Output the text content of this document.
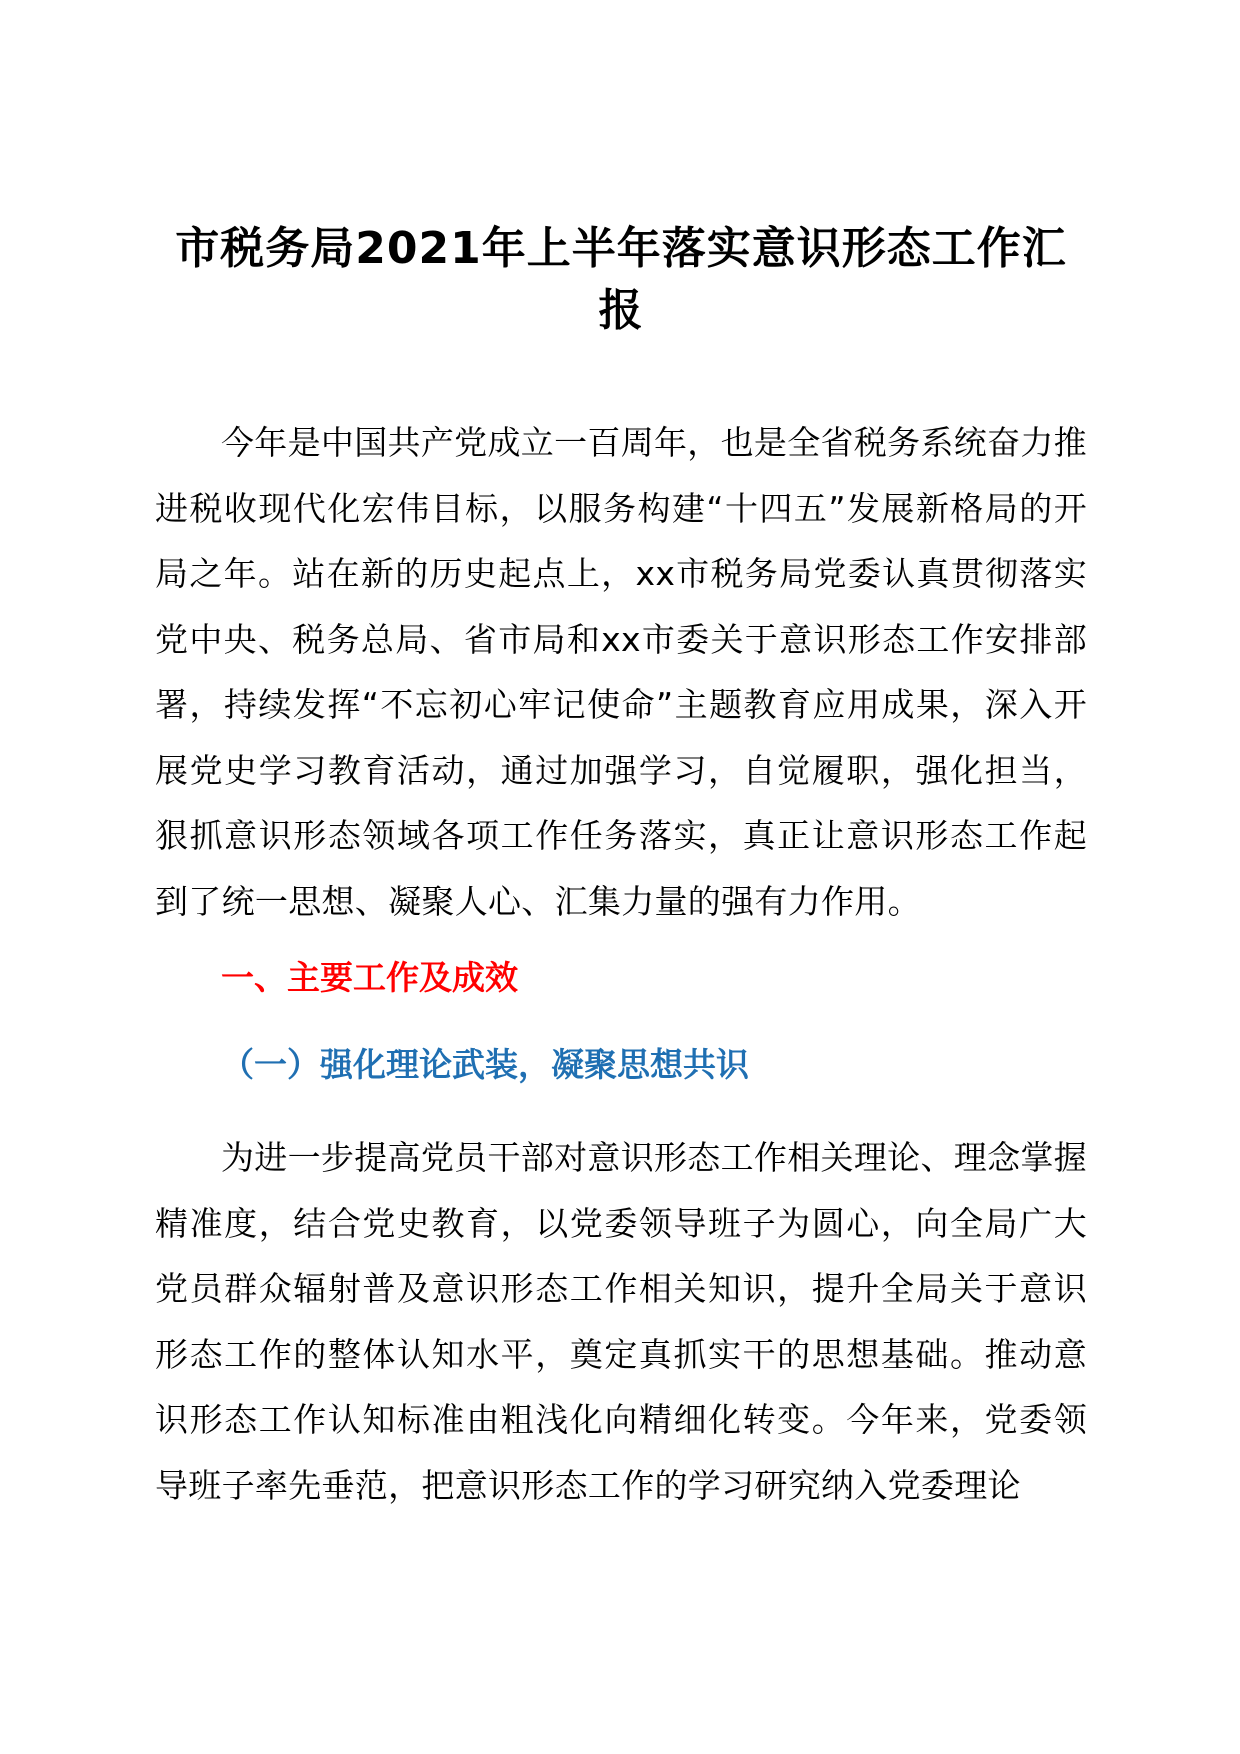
市税务局2021年上半年落实意识形态工作汇报

今年是中国共产党成立一百周年，也是全省税务系统奋力推进税收现代化宏伟目标，以服务构建“十四五”发展新格局的开局之年。站在新的历史起点上，xx市税务局党委认真贯彻落实党中央、税务总局、省市局和xx市委关于意识形态工作安排部署，持续发挥“不忘初心牢记使命”主题教育应用成果，深入开展党史学习教育活动，通过加强学习，自觉履职，强化担当，狠抓意识形态领域各项工作任务落实，真正让意识形态工作起到了统一思想、凝聚人心、汇集力量的强有力作用。

一、主要工作及成效
（一）强化理论武装，凝聚思想共识

为进一步提高党员干部对意识形态工作相关理论、理念掌握精准度，结合党史教育，以党委领导班子为圆心，向全局广大党员群众辐射普及意识形态工作相关知识，提升全局关于意识形态工作的整体认知水平，奠定真抓实干的思想基础。推动意识形态工作认知标准由粗浅化向精细化转变。今年来，党委领导班子率先垂范，把意识形态工作的学习研究纳入党委理论
